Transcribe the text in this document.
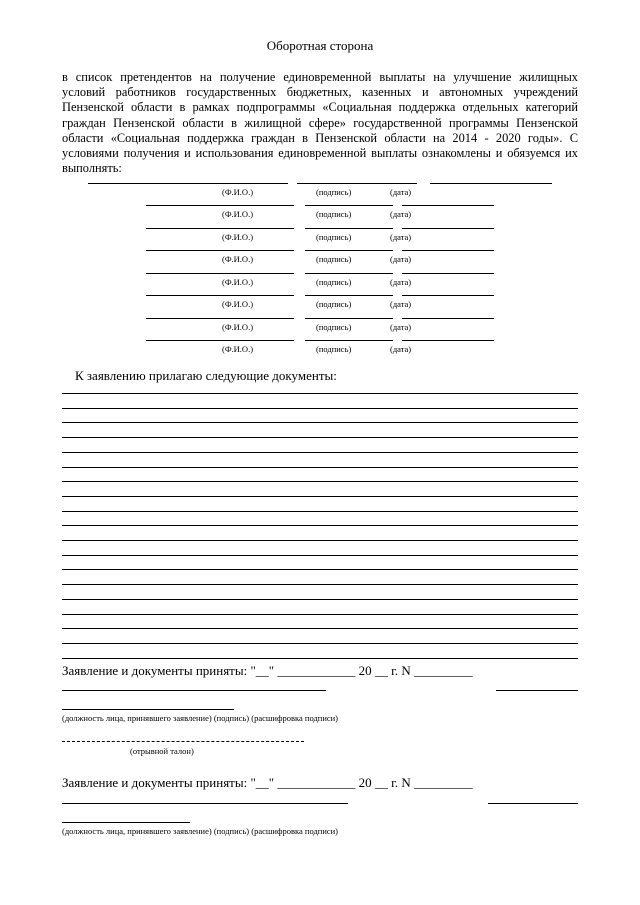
Оборотная сторона

в список претендентов на получение единовременной выплаты на улучшение жилищных условий работников государственных бюджетных, казенных и автономных учреждений Пензенской области в рамках подпрограммы «Социальная поддержка отдельных категорий граждан Пензенской области в жилищной сфере» государственной программы Пензенской области «Социальная поддержка граждан в Пензенской области на 2014 - 2020 годы». С условиями получения и использования единовременной выплаты ознакомлены и обязуемся их выполнять:

(Ф.И.О.)	(подпись)	(дата)
(Ф.И.О.)	(подпись)	(дата)
(Ф.И.О.)	(подпись)	(дата)
(Ф.И.О.)	(подпись)	(дата)
(Ф.И.О.)	(подпись)	(дата)
(Ф.И.О.)	(подпись)	(дата)
(Ф.И.О.)	(подпись)	(дата)
(Ф.И.О.)	(подпись)	(дата)
К заявлению прилагаю следующие документы:
Заявление и документы приняты: "__" ____________ 20 __ г. N _________
(должность лица, принявшего заявление) (подпись) (расшифровка подписи)
(отрывной талон)
Заявление и документы приняты: "__" ____________ 20 __ г. N _________
(должность лица, принявшего заявление) (подпись) (расшифровка подписи)
